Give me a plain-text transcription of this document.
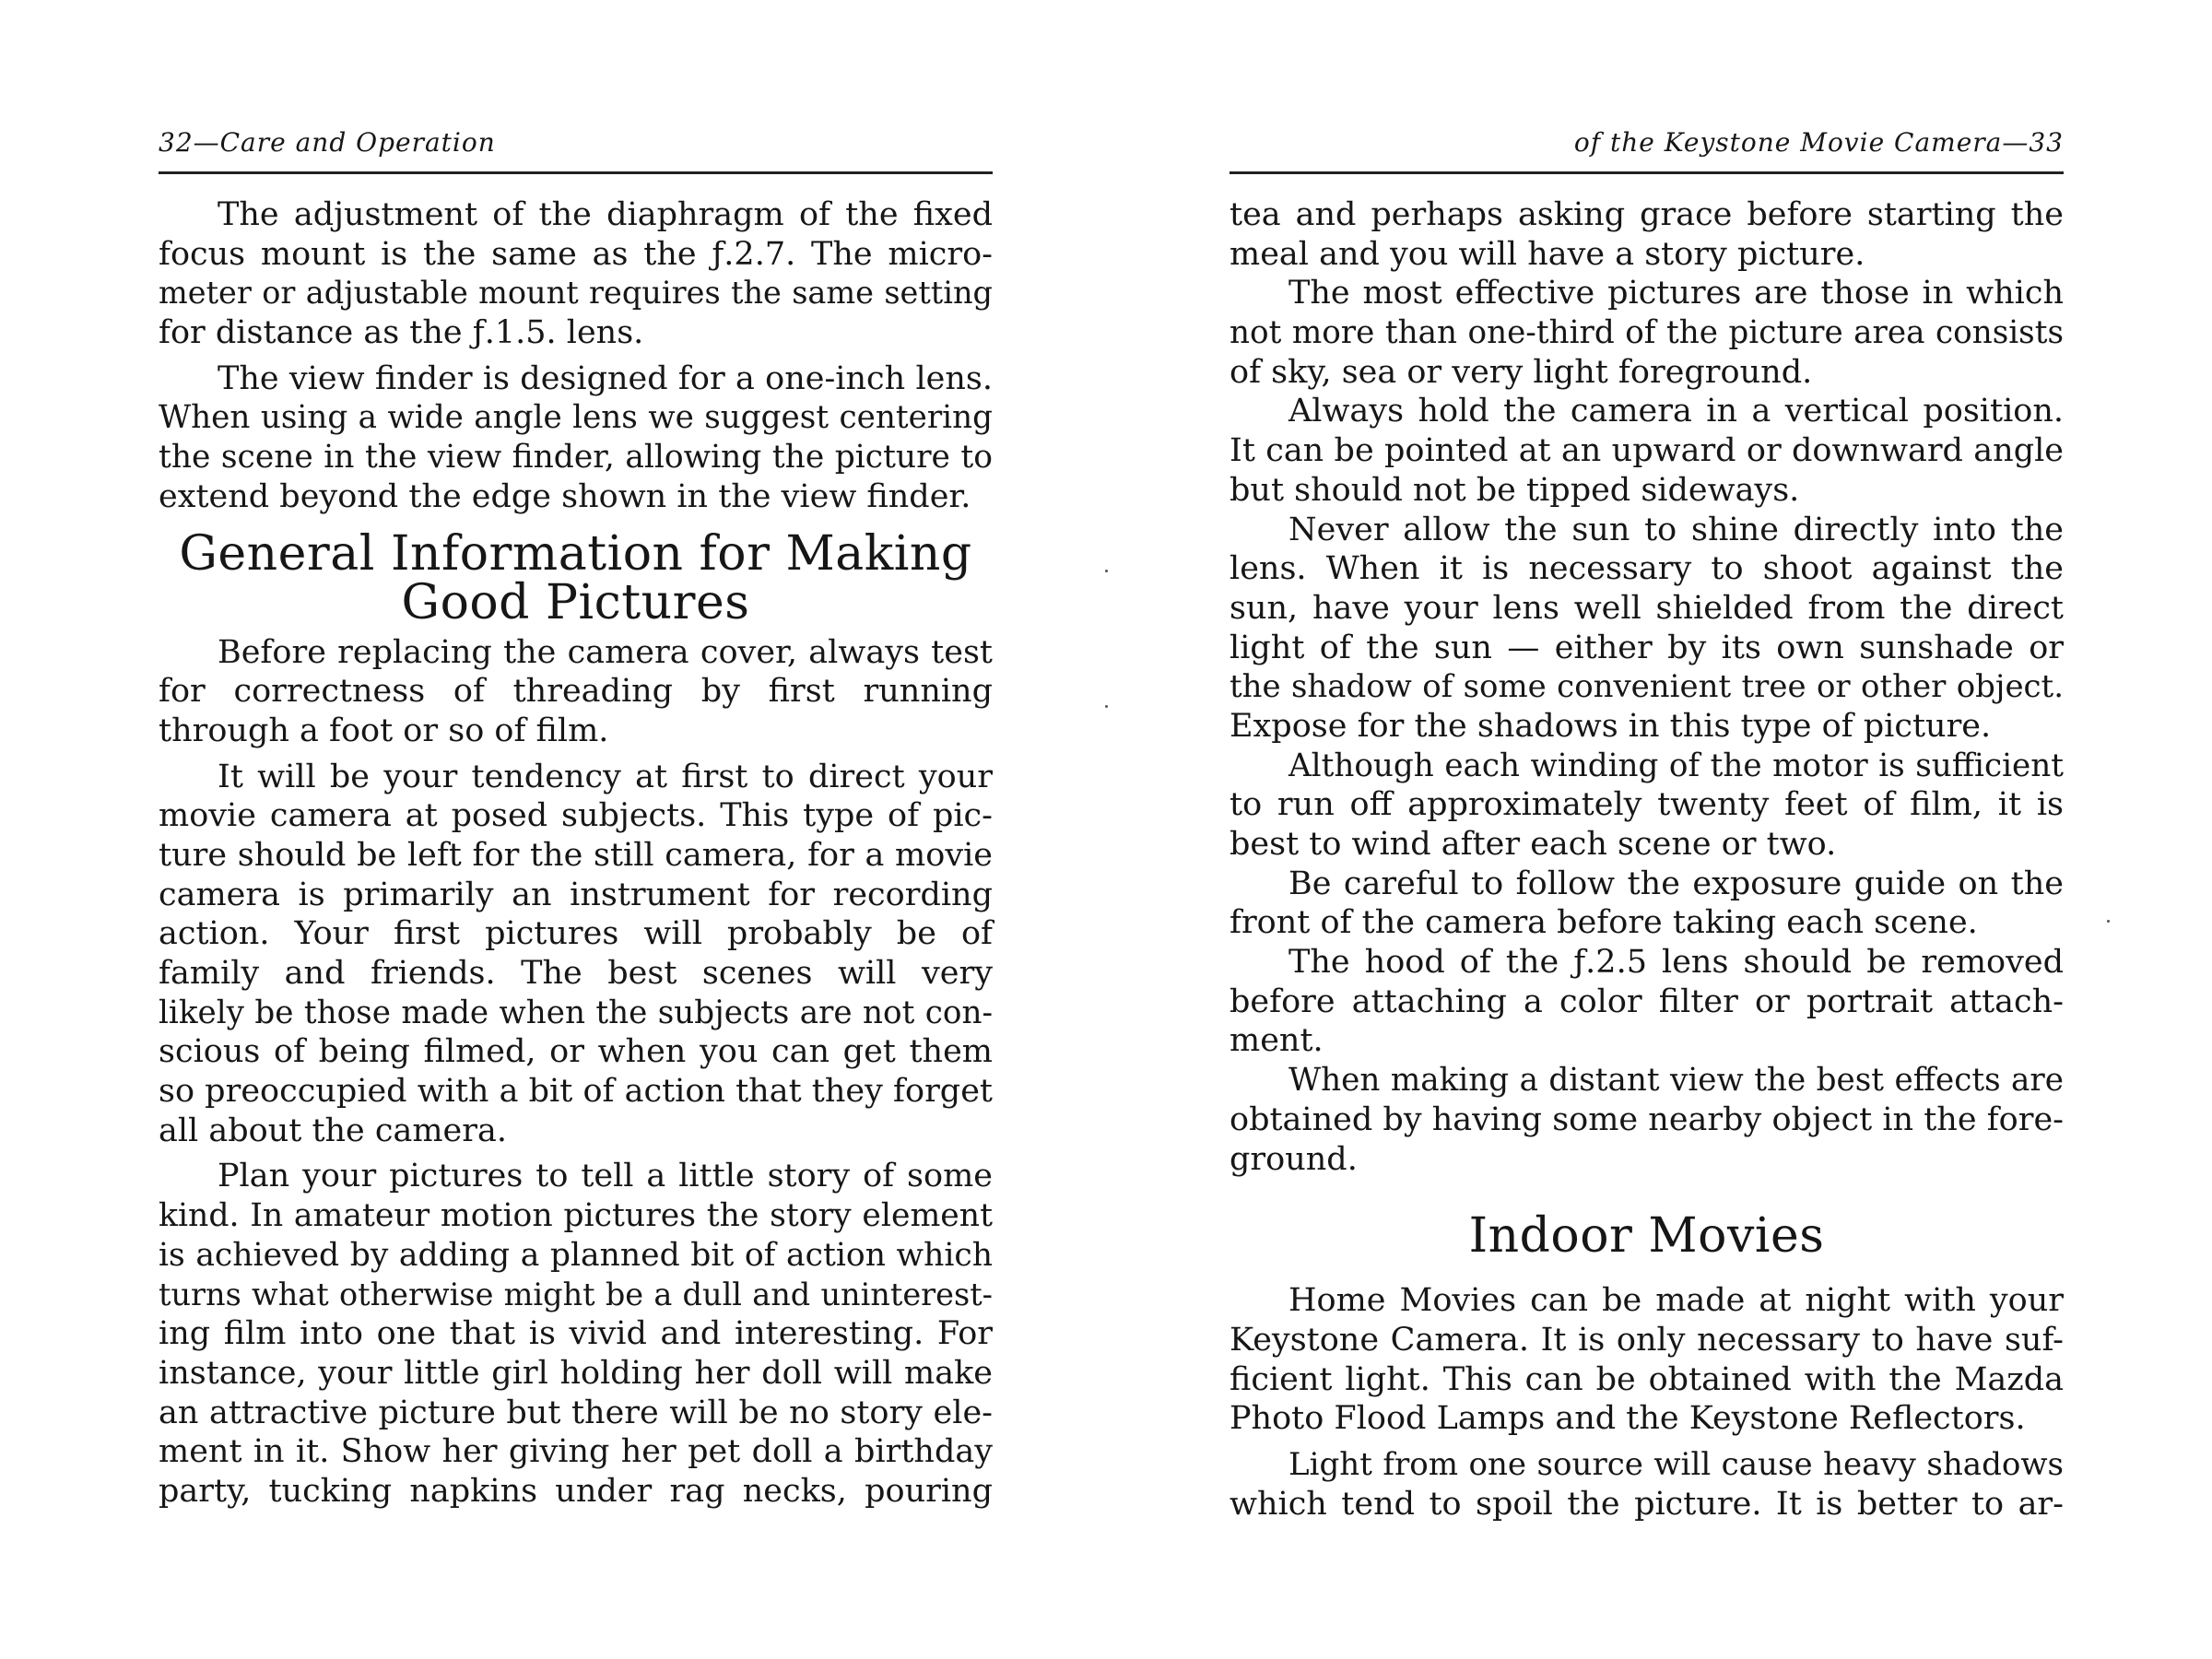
32—Care and Operation
The adjustment of the diaphragm of the fixed
focus mount is the same as the ƒ.2.7. The micro-
meter or adjustable mount requires the same setting
for distance as the ƒ.1.5. lens.
The view finder is designed for a one-inch lens.
When using a wide angle lens we suggest centering
the scene in the view finder, allowing the picture to
extend beyond the edge shown in the view finder.
General Information for Making
Good Pictures
Before replacing the camera cover, always test
for correctness of threading by first running
through a foot or so of film.
It will be your tendency at first to direct your
movie camera at posed subjects. This type of pic-
ture should be left for the still camera, for a movie
camera is primarily an instrument for recording
action. Your first pictures will probably be of
family and friends. The best scenes will very
likely be those made when the subjects are not con-
scious of being filmed, or when you can get them
so preoccupied with a bit of action that they forget
all about the camera.
Plan your pictures to tell a little story of some
kind. In amateur motion pictures the story element
is achieved by adding a planned bit of action which
turns what otherwise might be a dull and uninterest-
ing film into one that is vivid and interesting. For
instance, your little girl holding her doll will make
an attractive picture but there will be no story ele-
ment in it. Show her giving her pet doll a birthday
party, tucking napkins under rag necks, pouring
of the Keystone Movie Camera—33
tea and perhaps asking grace before starting the
meal and you will have a story picture.
The most effective pictures are those in which
not more than one-third of the picture area consists
of sky, sea or very light foreground.
Always hold the camera in a vertical position.
It can be pointed at an upward or downward angle
but should not be tipped sideways.
Never allow the sun to shine directly into the
lens. When it is necessary to shoot against the
sun, have your lens well shielded from the direct
light of the sun — either by its own sunshade or
the shadow of some convenient tree or other object.
Expose for the shadows in this type of picture.
Although each winding of the motor is sufficient
to run off approximately twenty feet of film, it is
best to wind after each scene or two.
Be careful to follow the exposure guide on the
front of the camera before taking each scene.
The hood of the ƒ.2.5 lens should be removed
before attaching a color filter or portrait attach-
ment.
When making a distant view the best effects are
obtained by having some nearby object in the fore-
ground.
Indoor Movies
Home Movies can be made at night with your
Keystone Camera. It is only necessary to have suf-
ficient light. This can be obtained with the Mazda
Photo Flood Lamps and the Keystone Reflectors.
Light from one source will cause heavy shadows
which tend to spoil the picture. It is better to ar-
